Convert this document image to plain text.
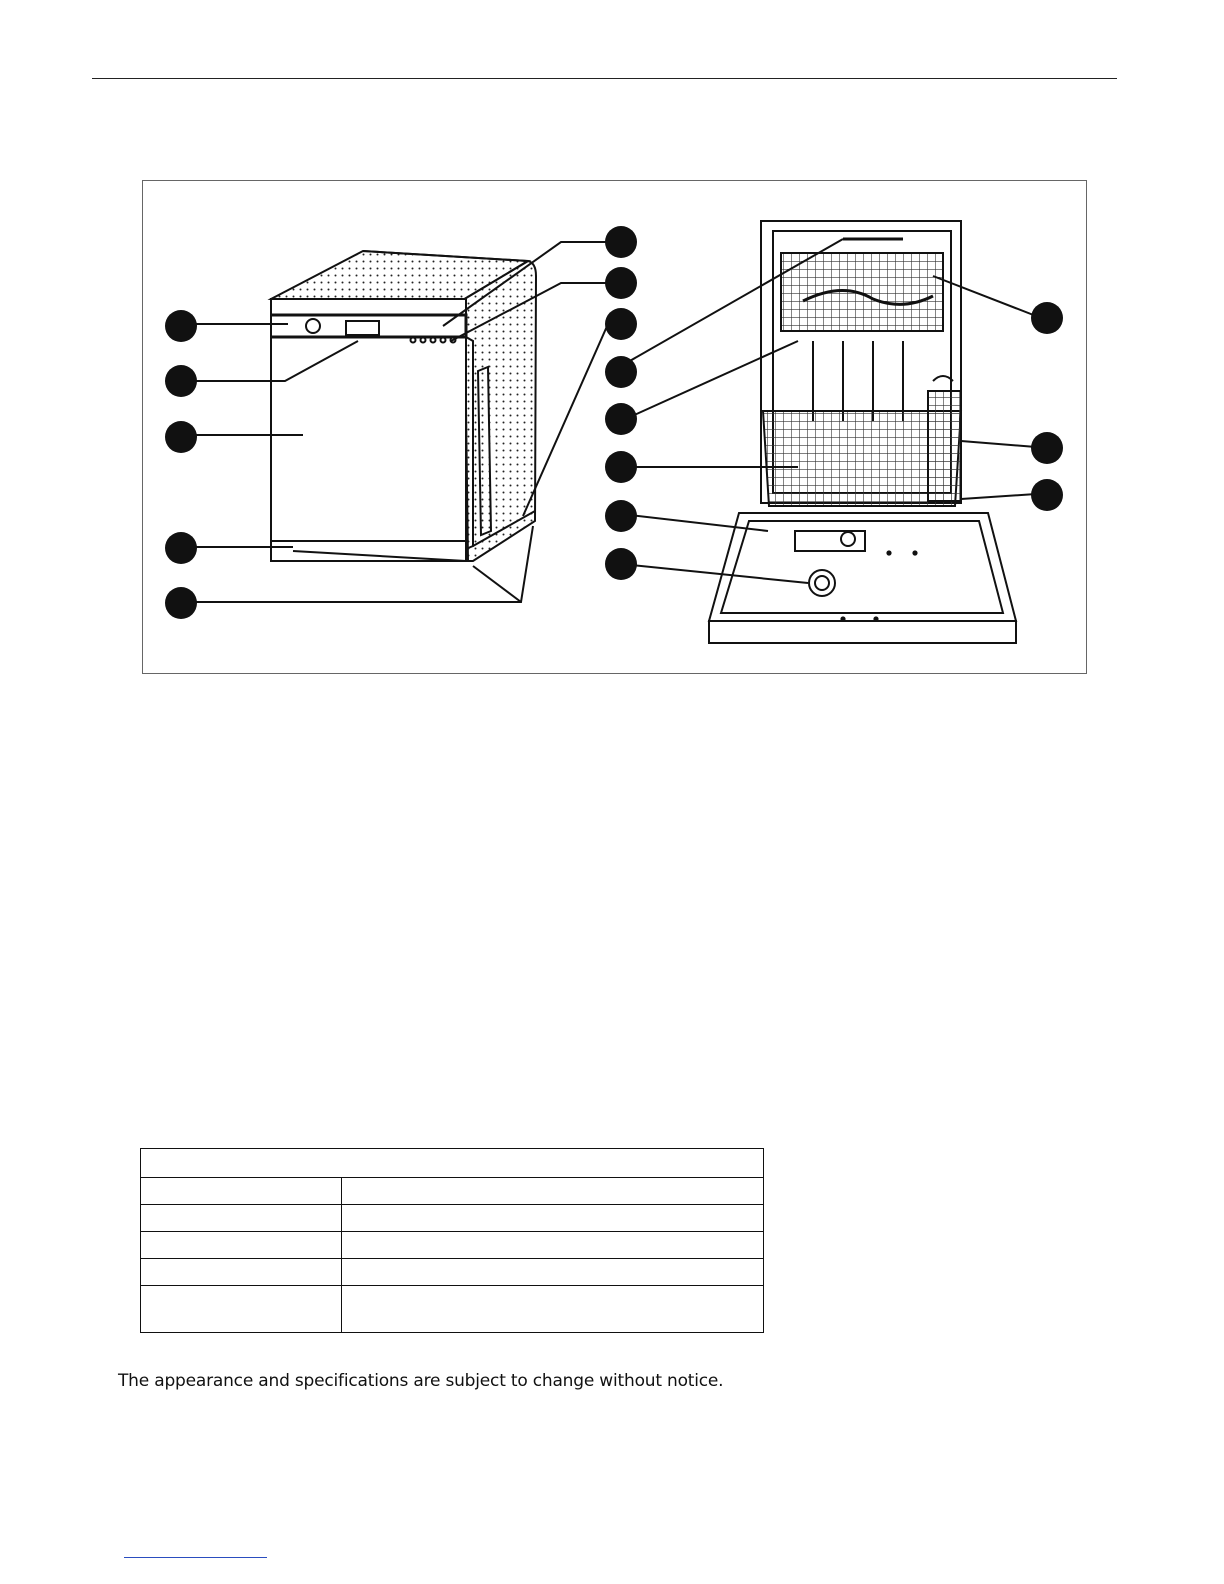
The appearance and specifications are subject to change without notice.
